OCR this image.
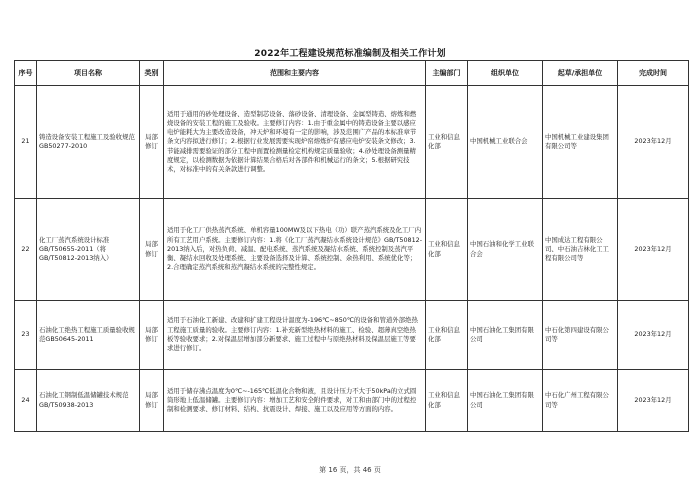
2022年工程建设规范标准编制及相关工作计划
序号	项目名称	类别	范围和主要内容	主编部门	组织单位	起草/承担单位	完成时间
21	铸造设备安装工程施工及验收规范GB50277-2010	局部修订	适用于通用的砂处理设备、造型制芯设备、落砂设备、清理设备、金属型铸造、熔炼和燃烧设备的安装工程的施工及验收。主要修订内容：1.由于重金属中的铸造设备主要以感应电炉能耗大为主要改造设备，冲天炉和环境有一定的影响，涉及范围广产品的本标准章节条文内容拟进行修订；2.根据行业发展需要实现炉窑熔炼炉有感应电炉安装条文修改；3.节能减排需要验证的部分工程中面置检测量检定机构规定质量验收；4.砂处理设备测量精度规定，以检测数据为依据计算结果合格后对各部件和机械运行的条文；5.根据研究技术，对标准中的有关条款进行调整。	工业和信息化部	中国机械工业联合会	中国机械工业建设集团有限公司等	2023年12月
22	化工厂蒸汽系统设计标准GB/T50655-2011（将GB/T50812-2013纳入）	局部修订	适用于化工厂供热蒸汽系统、单机容量100MW及以下热电（功）联产蒸汽系统及化工厂内所有工艺用户系统。主要修订内容：1.将《化工厂蒸汽凝结水系统设计规范》GB/T50812-2013纳入后，对热负荷、减温、配电系统、蒸汽系统及凝结水系统、系统控制及蒸汽平衡、凝结水回收及处理系统、主要设备选择及计算、系统控制、余热利用、系统优化等；2.合理确定蒸汽系统和蒸汽凝结水系统的完整性规定。	工业和信息化部	中国石油和化学工业联合会	中国成达工程有限公司、中石油吉林化工工程有限公司等	2023年12月
23	石油化工绝热工程施工质量验收规范GB50645-2011	局部修订	适用于石油化工新建、改建和扩建工程设计温度为-196℃~850℃的设备和管道外部绝热工程施工质量的验收。主要修订内容：1.补充新型绝热材料的施工、检验、超薄真空绝热板等验收要求；2.对保温层增加部分新要求、施工过程中与原绝热材料及保温层施工等要求进行修订。	工业和信息化部	中国石油化工集团有限公司	中石化第四建设有限公司等	2023年12月
24	石油化工钢制低温储罐技术规范GB/T50938-2013	局部修订	适用于储存沸点温度为0℃~-165℃低温化合物和液，且设计压力不大于50kPa的立式圆筒形地上低温储罐。主要修订内容：增加工艺和安全附件要求，对工和由部门中的过程控制和检测要求、修订材料、结构、抗震设计、焊接、施工以及应用等方面的内容。	工业和信息化部	中国石油化工集团有限公司	中石化广州工程有限公司等	2023年12月
第 16 页，共 46 页
